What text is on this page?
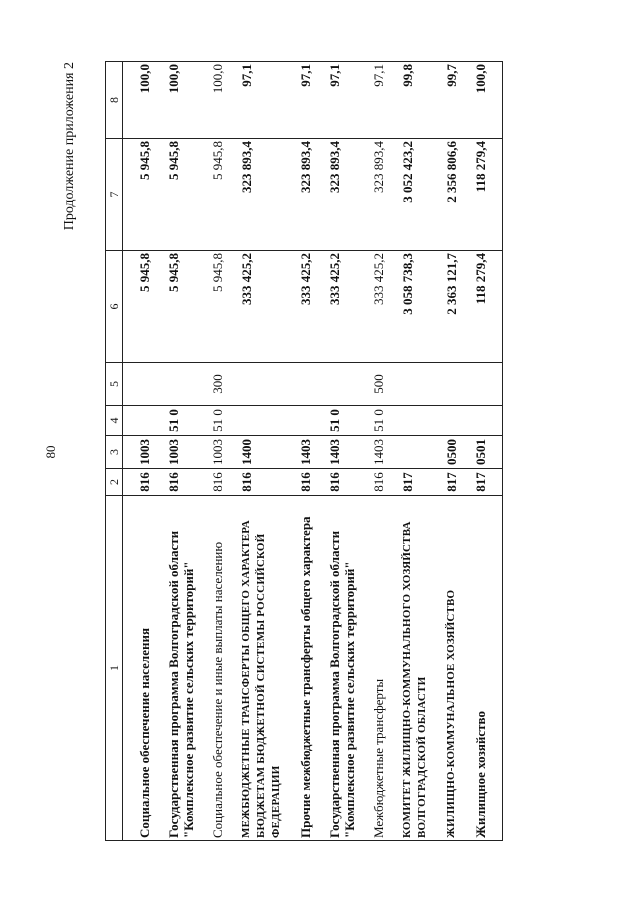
80
Продолжение приложения 2
1	2	3	4	5	6	7	8
Социальное обеспечение населения	816	1003			5 945,8	5 945,8	100,0
Государственная программа Волгоградской области "Комплексное развитие сельских территорий"	816	1003	51 0		5 945,8	5 945,8	100,0
Социальное обеспечение и иные выплаты населению	816	1003	51 0	300	5 945,8	5 945,8	100,0
МЕЖБЮДЖЕТНЫЕ ТРАНСФЕРТЫ ОБЩЕГО ХАРАКТЕРА БЮДЖЕТАМ БЮДЖЕТНОЙ СИСТЕМЫ РОССИЙСКОЙ ФЕДЕРАЦИИ	816	1400			333 425,2	323 893,4	97,1
Прочие межбюджетные трансферты общего характера	816	1403			333 425,2	323 893,4	97,1
Государственная программа Волгоградской области "Комплексное развитие сельских территорий"	816	1403	51 0		333 425,2	323 893,4	97,1
Межбюджетные трансферты	816	1403	51 0	500	333 425,2	323 893,4	97,1
КОМИТЕТ ЖИЛИЩНО-КОММУНАЛЬНОГО ХОЗЯЙСТВА ВОЛГОГРАДСКОЙ ОБЛАСТИ	817				3 058 738,3	3 052 423,2	99,8
ЖИЛИЩНО-КОММУНАЛЬНОЕ ХОЗЯЙСТВО	817	0500			2 363 121,7	2 356 806,6	99,7
Жилищное хозяйство	817	0501			118 279,4	118 279,4	100,0
